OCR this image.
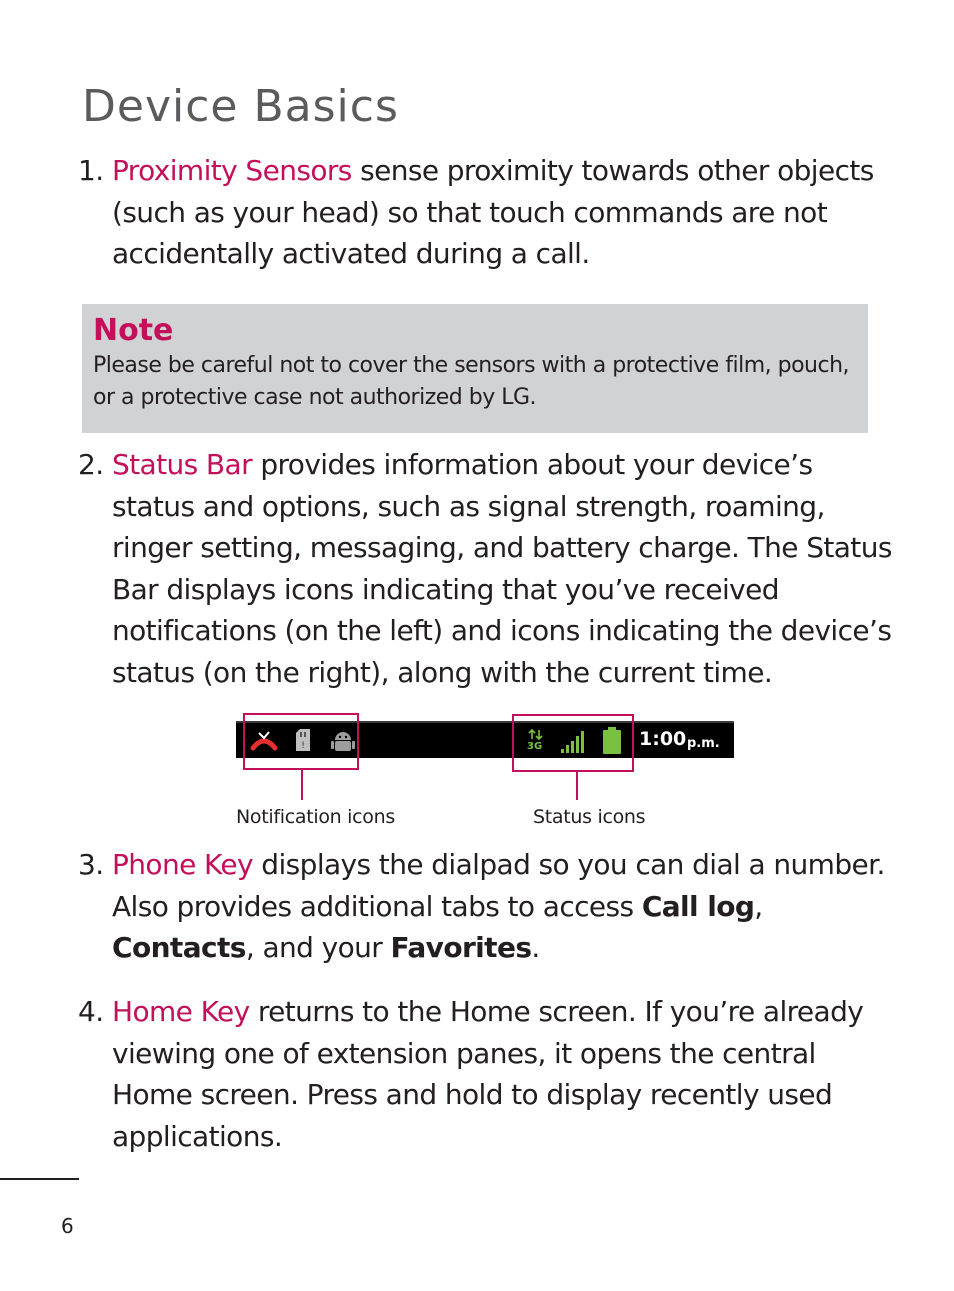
Device Basics
1. Proximity Sensors sense proximity towards other objects (such as your head) so that touch commands are not accidentally activated during a call.
Note
Please be careful not to cover the sensors with a protective film, pouch, or a protective case not authorized by LG.
2. Status Bar provides information about your device’s status and options, such as signal strength, roaming, ringer setting, messaging, and battery charge. The Status Bar displays icons indicating that you’ve received notifications (on the left) and icons indicating the device’s status (on the right), along with the current time.
!	3G	1:00 p.m.
Notification icons	Status icons
3. Phone Key displays the dialpad so you can dial a number. Also provides additional tabs to access Call log, Contacts, and your Favorites.
4. Home Key returns to the Home screen. If you’re already viewing one of extension panes, it opens the central Home screen. Press and hold to display recently used applications.
6
